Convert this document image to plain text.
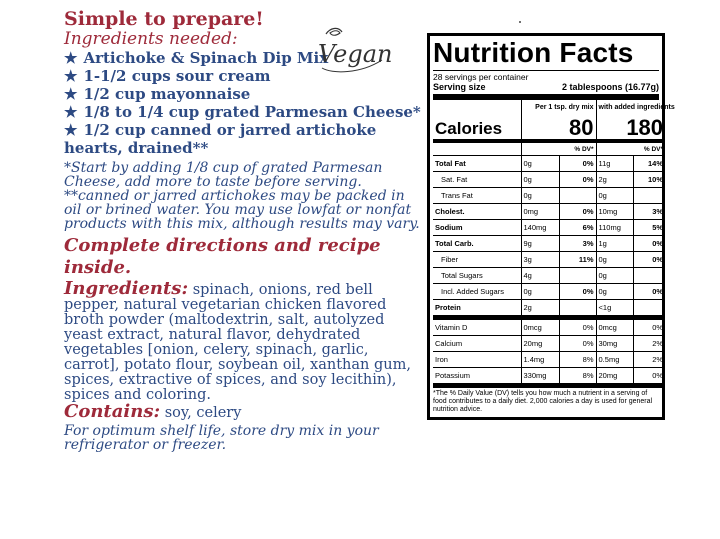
Simple to prepare!
Ingredients needed:
★ Artichoke & Spinach Dip Mix
★ 1-1/2 cups sour cream
★ 1/2 cup mayonnaise
★ 1/8 to 1/4 cup grated Parmesan Cheese*
★ 1/2 cup canned or jarred artichoke hearts, drained**
*Start by adding 1/8 cup of grated Parmesan Cheese, add more to taste before serving. **canned or jarred artichokes may be packed in oil or brined water. You may use lowfat or nonfat products with this mix, although results may vary.
Complete directions and recipe inside.
Ingredients: spinach, onions, red bell pepper, natural vegetarian chicken flavored broth powder (maltodextrin, salt, autolyzed yeast extract, natural flavor, dehydrated vegetables [onion, celery, spinach, garlic, carrot], potato flour, soybean oil, xanthan gum, spices, extractive of spices, and soy lecithin), spices and coloring.
Contains: soy, celery
For optimum shelf life, store dry mix in your refrigerator or freezer.
Vegan Nutrition Facts
28 servings per container
Serving size	2 tablespoons (16.77g)
	Per 1 tsp. dry mix		with added ingredients	
Calories	80		180	
	% DV*		% DV*	
Total Fat	0g	0%	11g	14%
Sat. Fat	0g	0%	2g	10%
Trans Fat	0g		0g	
Cholest.	0mg	0%	10mg	3%
Sodium	140mg	6%	110mg	5%
Total Carb.	9g	3%	1g	0%
Fiber	3g	11%	0g	0%
Total Sugars	4g		0g	
Incl. Added Sugars	0g	0%	0g	0%
Protein	2g		<1g	
Vitamin D	0mcg	0%	0mcg	0%
Calcium	20mg	0%	30mg	2%
Iron	1.4mg	8%	0.5mg	2%
Potassium	330mg	8%	20mg	0%
*The % Daily Value (DV) tells you how much a nutrient in a serving of food contributes to a daily diet. 2,000 calories a day is used for general nutrition advice.
